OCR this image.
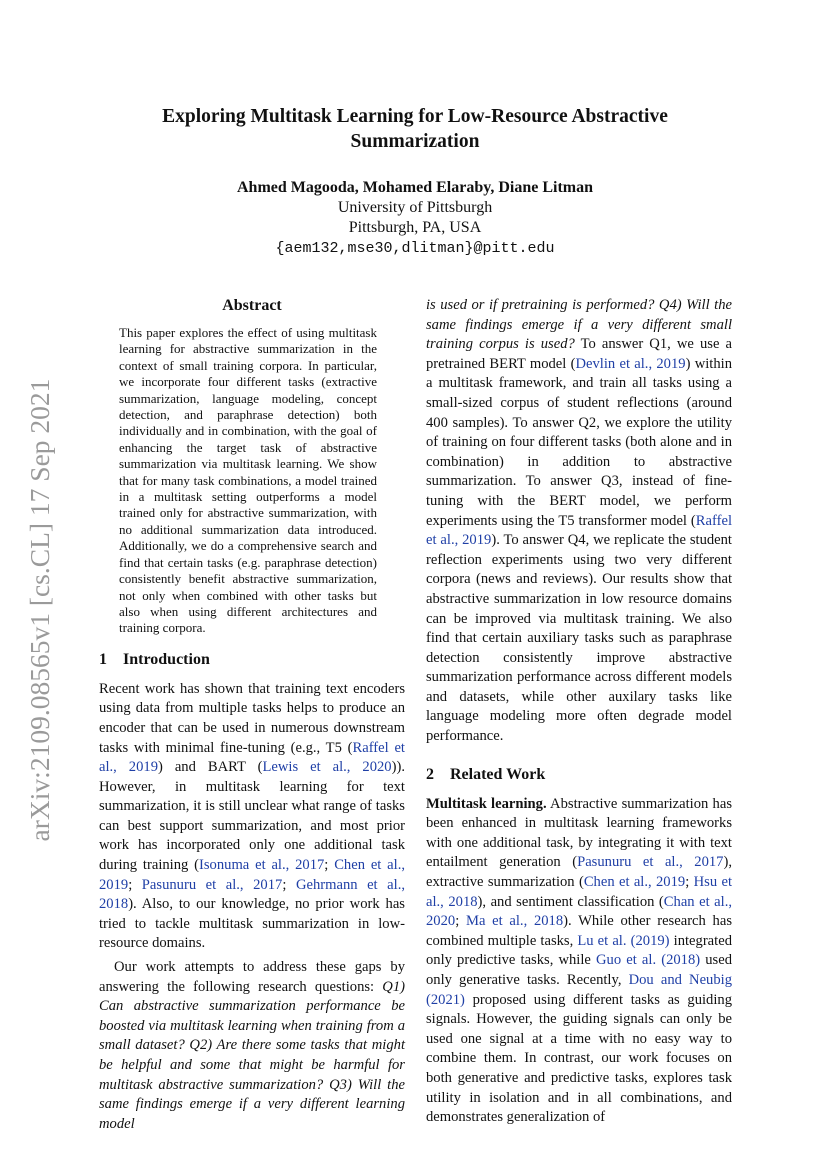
arXiv:2109.08565v1 [cs.CL] 17 Sep 2021
Exploring Multitask Learning for Low-Resource Abstractive
Summarization
Ahmed Magooda, Mohamed Elaraby, Diane Litman
University of Pittsburgh
Pittsburgh, PA, USA
{aem132,mse30,dlitman}@pitt.edu
Abstract

This paper explores the effect of using multitask learning for abstractive summarization in the context of small training corpora. In particular, we incorporate four different tasks (extractive summarization, language modeling, concept detection, and paraphrase detection) both individually and in combination, with the goal of enhancing the target task of abstractive summarization via multitask learning. We show that for many task combinations, a model trained in a multitask setting outperforms a model trained only for abstractive summarization, with no additional summarization data introduced. Additionally, we do a comprehensive search and find that certain tasks (e.g. paraphrase detection) consistently benefit abstractive summarization, not only when combined with other tasks but also when using different architectures and training corpora.

1 Introduction

Recent work has shown that training text encoders using data from multiple tasks helps to produce an encoder that can be used in numerous downstream tasks with minimal fine-tuning (e.g., T5 (Raffel et al., 2019) and BART (Lewis et al., 2020)). However, in multitask learning for text summarization, it is still unclear what range of tasks can best support summarization, and most prior work has incorporated only one additional task during training (Isonuma et al., 2017; Chen et al., 2019; Pasunuru et al., 2017; Gehrmann et al., 2018). Also, to our knowledge, no prior work has tried to tackle multitask summarization in low-resource domains.

Our work attempts to address these gaps by answering the following research questions: Q1) Can abstractive summarization performance be boosted via multitask learning when training from a small dataset? Q2) Are there some tasks that might be helpful and some that might be harmful for multitask abstractive summarization? Q3) Will the same findings emerge if a very different learning model

is used or if pretraining is performed? Q4) Will the same findings emerge if a very different small training corpus is used? To answer Q1, we use a pretrained BERT model (Devlin et al., 2019) within a multitask framework, and train all tasks using a small-sized corpus of student reflections (around 400 samples). To answer Q2, we explore the utility of training on four different tasks (both alone and in combination) in addition to abstractive summarization. To answer Q3, instead of fine-tuning with the BERT model, we perform experiments using the T5 transformer model (Raffel et al., 2019). To answer Q4, we replicate the student reflection experiments using two very different corpora (news and reviews). Our results show that abstractive summarization in low resource domains can be improved via multitask training. We also find that certain auxiliary tasks such as paraphrase detection consistently improve abstractive summarization performance across different models and datasets, while other auxilary tasks like language modeling more often degrade model performance.

2 Related Work

Multitask learning. Abstractive summarization has been enhanced in multitask learning frameworks with one additional task, by integrating it with text entailment generation (Pasunuru et al., 2017), extractive summarization (Chen et al., 2019; Hsu et al., 2018), and sentiment classification (Chan et al., 2020; Ma et al., 2018). While other research has combined multiple tasks, Lu et al. (2019) integrated only predictive tasks, while Guo et al. (2018) used only generative tasks. Recently, Dou and Neubig (2021) proposed using different tasks as guiding signals. However, the guiding signals can only be used one signal at a time with no easy way to combine them. In contrast, our work focuses on both generative and predictive tasks, explores task utility in isolation and in all combinations, and demonstrates generalization of
